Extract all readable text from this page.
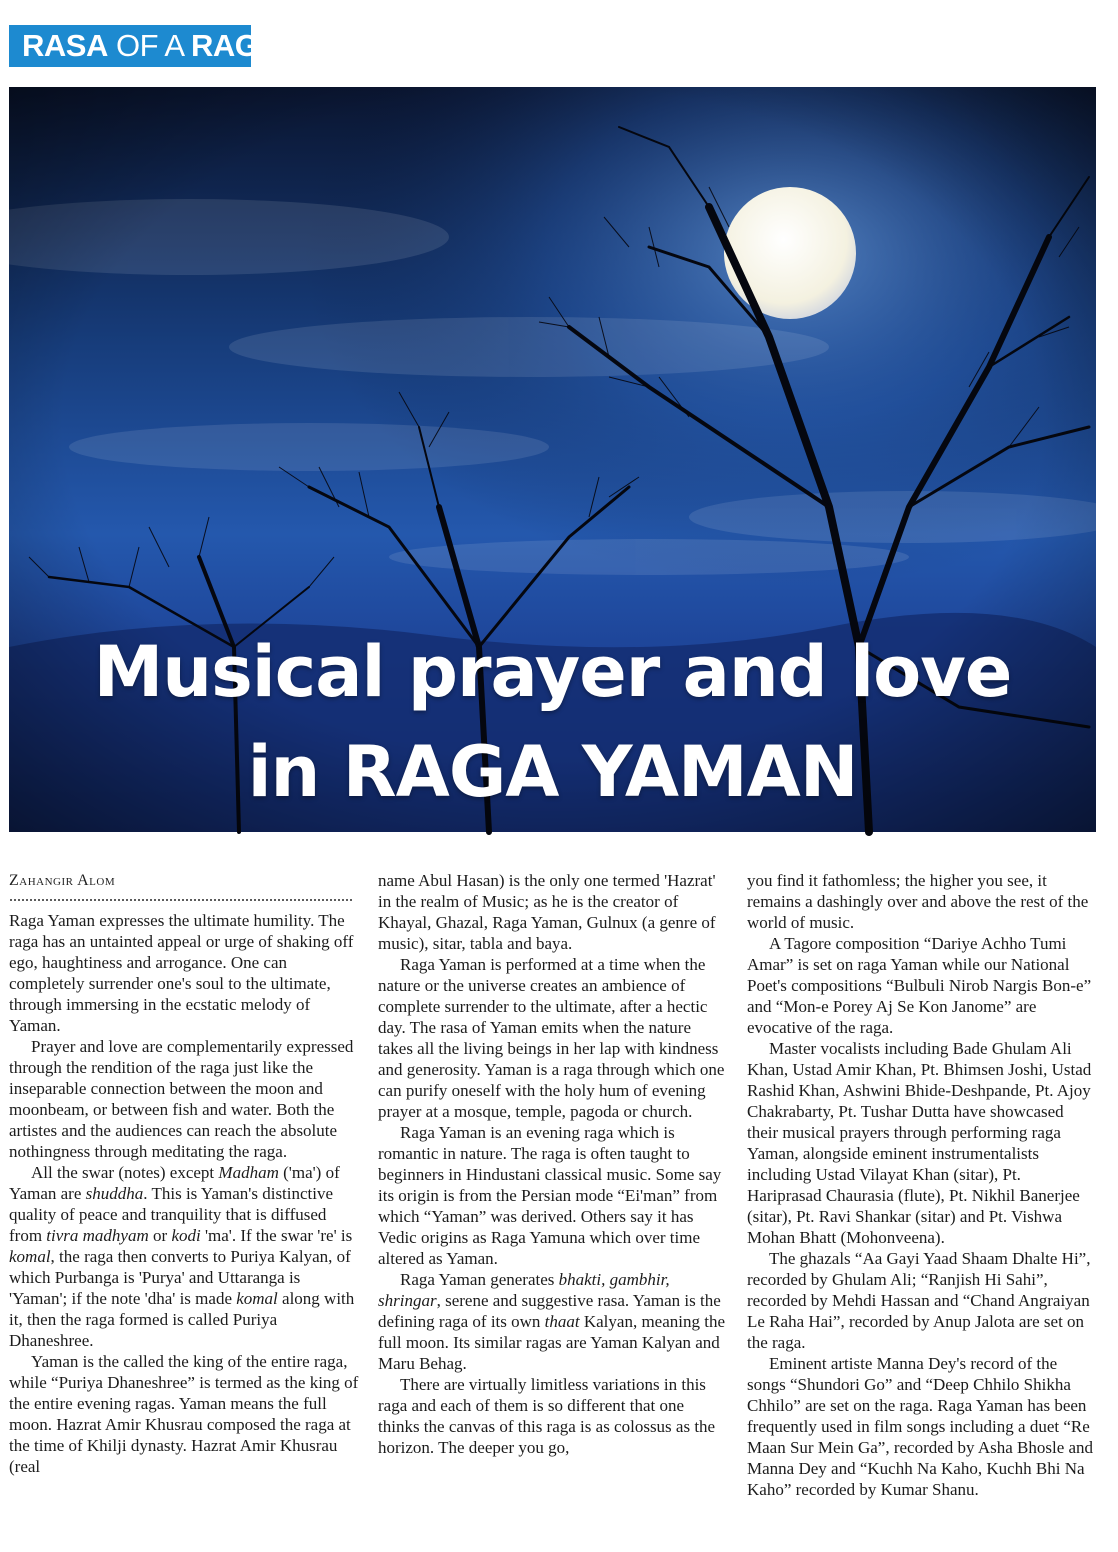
RASA OF A RAGA
Musical prayer and love
in RAGA YAMAN
Zahangir Alom

Raga Yaman expresses the ultimate humility. The raga has an untainted appeal or urge of shaking off ego, haughtiness and arrogance. One can completely surrender one's soul to the ultimate, through immersing in the ecstatic melody of Yaman.

Prayer and love are complementarily expressed through the rendition of the raga just like the inseparable connection between the moon and moonbeam, or between fish and water. Both the artistes and the audiences can reach the absolute nothingness through meditating the raga.

All the swar (notes) except Madham ('ma') of Yaman are shuddha. This is Yaman's distinctive quality of peace and tranquility that is diffused from tivra madhyam or kodi 'ma'. If the swar 're' is komal, the raga then converts to Puriya Kalyan, of which Purbanga is 'Purya' and Uttaranga is 'Yaman'; if the note 'dha' is made komal along with it, then the raga formed is called Puriya Dhaneshree.

Yaman is the called the king of the entire raga, while “Puriya Dhaneshree” is termed as the king of the entire evening ragas. Yaman means the full moon. Hazrat Amir Khusrau composed the raga at the time of Khilji dynasty. Hazrat Amir Khusrau (real

name Abul Hasan) is the only one termed 'Hazrat' in the realm of Music; as he is the creator of Khayal, Ghazal, Raga Yaman, Gulnux (a genre of music), sitar, tabla and baya.

Raga Yaman is performed at a time when the nature or the universe creates an ambience of complete surrender to the ultimate, after a hectic day. The rasa of Yaman emits when the nature takes all the living beings in her lap with kindness and generosity. Yaman is a raga through which one can purify oneself with the holy hum of evening prayer at a mosque, temple, pagoda or church.

Raga Yaman is an evening raga which is romantic in nature. The raga is often taught to beginners in Hindustani classical music. Some say its origin is from the Persian mode “Ei'man” from which “Yaman” was derived. Others say it has Vedic origins as Raga Yamuna which over time altered as Yaman.

Raga Yaman generates bhakti, gambhir, shringar, serene and suggestive rasa. Yaman is the defining raga of its own thaat Kalyan, meaning the full moon. Its similar ragas are Yaman Kalyan and Maru Behag.

There are virtually limitless variations in this raga and each of them is so different that one thinks the canvas of this raga is as colossus as the horizon. The deeper you go,

you find it fathomless; the higher you see, it remains a dashingly over and above the rest of the world of music.

A Tagore composition “Dariye Achho Tumi Amar” is set on raga Yaman while our National Poet's compositions “Bulbuli Nirob Nargis Bon-e” and “Mon-e Porey Aj Se Kon Janome” are evocative of the raga.

Master vocalists including Bade Ghulam Ali Khan, Ustad Amir Khan, Pt. Bhimsen Joshi, Ustad Rashid Khan, Ashwini Bhide-Deshpande, Pt. Ajoy Chakrabarty, Pt. Tushar Dutta have showcased their musical prayers through performing raga Yaman, alongside eminent instrumentalists including Ustad Vilayat Khan (sitar), Pt. Hariprasad Chaurasia (flute), Pt. Nikhil Banerjee (sitar), Pt. Ravi Shankar (sitar) and Pt. Vishwa Mohan Bhatt (Mohonveena).

The ghazals “Aa Gayi Yaad Shaam Dhalte Hi”, recorded by Ghulam Ali; “Ranjish Hi Sahi”, recorded by Mehdi Hassan and “Chand Angraiyan Le Raha Hai”, recorded by Anup Jalota are set on the raga.

Eminent artiste Manna Dey's record of the songs “Shundori Go” and “Deep Chhilo Shikha Chhilo” are set on the raga. Raga Yaman has been frequently used in film songs including a duet “Re Maan Sur Mein Ga”, recorded by Asha Bhosle and Manna Dey and “Kuchh Na Kaho, Kuchh Bhi Na Kaho” recorded by Kumar Shanu.
